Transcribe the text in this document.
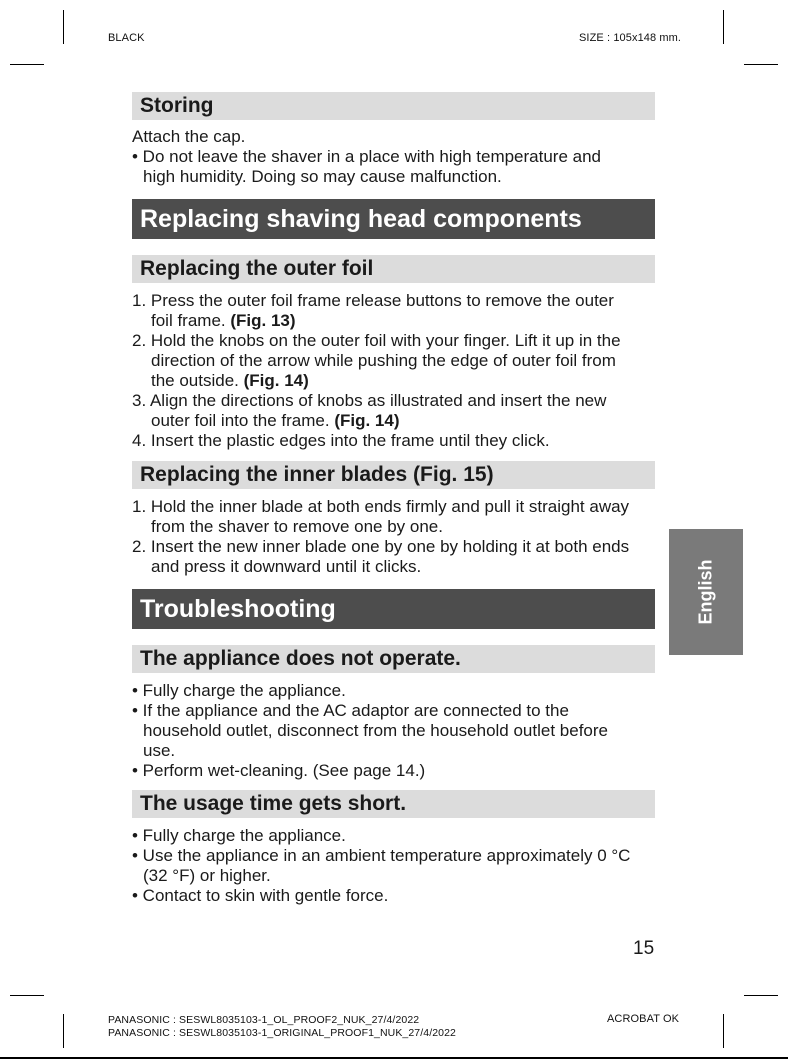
BLACK	SIZE : 105x148 mm.
Storing
Attach the cap.
• Do not leave the shaver in a place with high temperature and
high humidity. Doing so may cause malfunction.
Replacing shaving head components
Replacing the outer foil
1. Press the outer foil frame release buttons to remove the outer
foil frame. (Fig. 13)
2. Hold the knobs on the outer foil with your finger. Lift it up in the
direction of the arrow while pushing the edge of outer foil from
the outside. (Fig. 14)
3. Align the directions of knobs as illustrated and insert the new
outer foil into the frame. (Fig. 14)
4. Insert the plastic edges into the frame until they click.
Replacing the inner blades (Fig. 15)
1. Hold the inner blade at both ends firmly and pull it straight away
from the shaver to remove one by one.
2. Insert the new inner blade one by one by holding it at both ends
and press it downward until it clicks.
Troubleshooting
The appliance does not operate.
• Fully charge the appliance.
• If the appliance and the AC adaptor are connected to the
household outlet, disconnect from the household outlet before
use.
• Perform wet-cleaning. (See page 14.)
The usage time gets short.
• Fully charge the appliance.
• Use the appliance in an ambient temperature approximately 0 °C
(32 °F) or higher.
• Contact to skin with gentle force.
English
15
PANASONIC : SESWL8035103-1_OL_PROOF2_NUK_27/4/2022
PANASONIC : SESWL8035103-1_ORIGINAL_PROOF1_NUK_27/4/2022
ACROBAT OK
